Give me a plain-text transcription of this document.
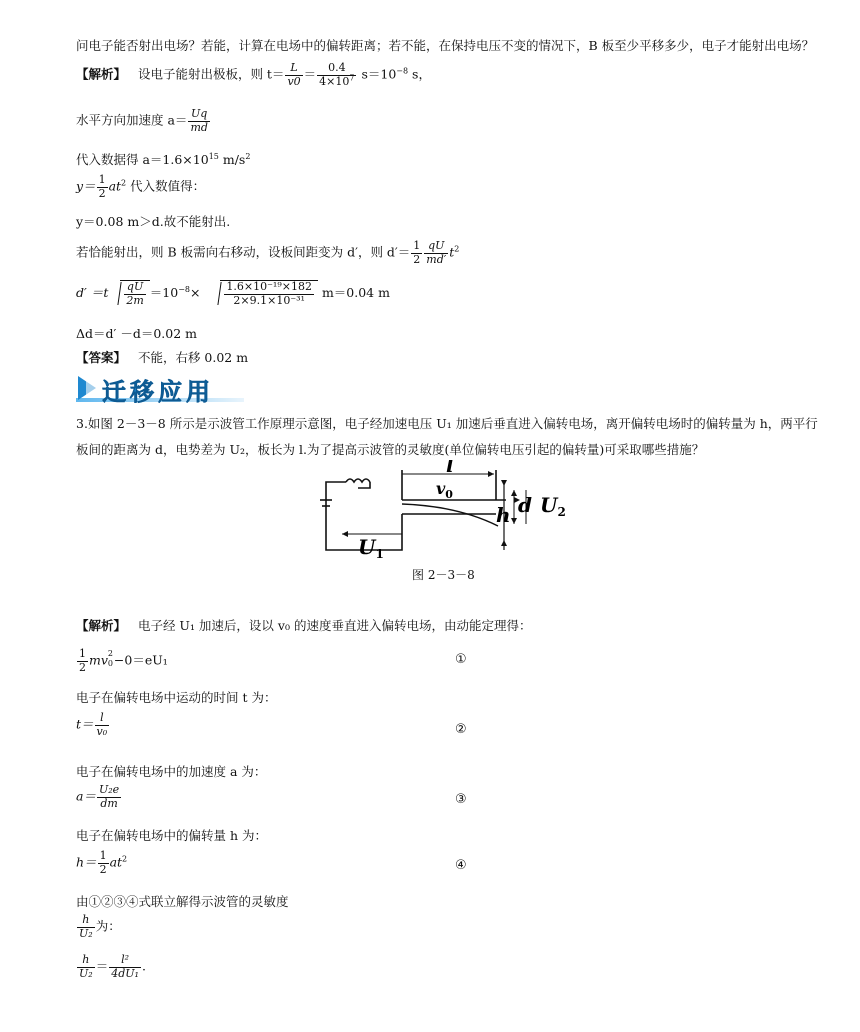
问电子能否射出电场？若能，计算在电场中的偏转距离；若不能，在保持电压不变的情况下，B 板至少平移多少，电子才能射出电场？
【解析】 设电子能射出极板，则 $t= \frac{L}{v0} = \frac{0.4}{4\times 10^7} s=10^{-8}$ s，
水平方向加速度 $a= \frac{Uq}{md}$
代入数据得 $a=1.6\times 10^{15}$ $m/s^2$
$y= \frac{1}{2} at^2$ 代入数值得：
y＝0.08 m＞d.故不能射出.
若恰能射出，则 B 板需向右移动，设板间距变为 d′，则 $d'= \frac{1}{2} \frac{qU}{md'} t^2$
$d' =t \frac{qU}{2m} =10^{-8}\times \frac{\text{1.6×10⁻¹⁹×182}}{\text{2×9.1×10⁻³¹}} m=0.04$ m
Δd＝d′ －d＝0.02 m
【答案】 不能，右移 0.02 m
迁移应用
3.如图 2－3－8 所示是示波管工作原理示意图，电子经加速电压 U₁ 加速后垂直进入偏转电场，离开偏转电场时的偏转量为 h，两平行
板间的距离为 d，电势差为 U₂，板长为 l.为了提高示波管的灵敏度(单位偏转电压引起的偏转量)可采取哪些措施？
l
$v_0$	d $U_2$
h
$U_1$
图 2－3－8
【解析】 电子经 U₁ 加速后，设以 v₀ 的速度垂直进入偏转电场，由动能定理得：
$\frac{1}{2}$ mv 2
0 −0＝eU₁	①
电子在偏转电场中运动的时间 t 为：
$t= \frac{l}{\text{v₀}}$	②
电子在偏转电场中的加速度 a 为：
$a= \frac{\text{U₂e}}{dm}$	③
电子在偏转电场中的偏转量 h 为：
$h= \frac{1}{2} at^2$	④
由①②③④式联立解得示波管的灵敏度
$\frac{h}{\text{U₂}}$ 为：
$\frac{h}{\text{U₂}} = \frac{\text{l²}}{\text{4dU₁}}$ .
